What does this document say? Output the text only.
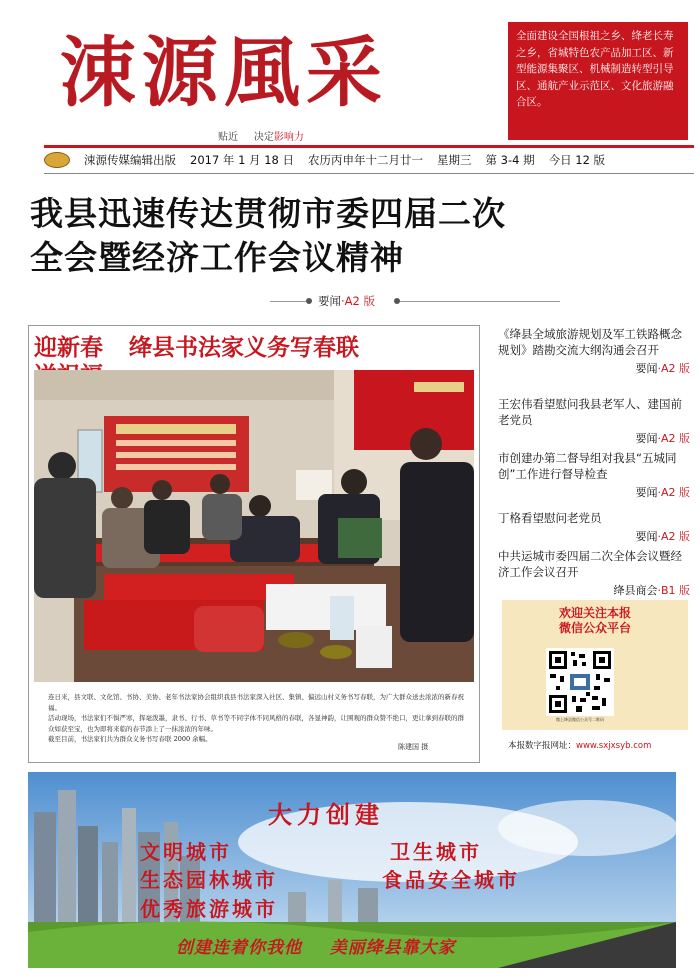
涑源風采
贴近 决定影响力
全面建设全国根祖之乡、绛老长寿之乡，省城特色农产品加工区、新型能源集聚区、机械制造转型引导区、通航产业示范区、文化旅游融合区。
涑源传媒编辑出版 2017 年 1 月 18 日 农历丙申年十二月廿一 星期三 第 3-4 期 今日 12 版
我县迅速传达贯彻市委四届二次
全会暨经济工作会议精神
要闻·A2 版
迎新春 绛县书法家义务写春联

连日来，县文联、文化馆、书协、美协、老年书法家协会组织我县书法家深入社区、集镇、偏远山村义务书写春联，为广大群众送去浓浓的新春祝福。
活动现场，书法家们不惧严寒，挥毫泼墨，隶书、行书、草书等不同字体不同风格的春联，各显神韵，让围观的群众赞不绝口，更让拿到春联的群众如获至宝，也为即将来临的春节添上了一抹浓浓的年味。
截至目前，书法家们共为群众义务书写春联 2000 余幅。
陈建国 摄
《绛县全域旅游规划及军工铁路概念规划》踏勘交流大纲沟通会召开
要闻·A2 版
王宏伟看望慰问我县老军人、建国前老党员
要闻·A2 版
市创建办第二督导组对我县“五城同创”工作进行督导检查
要闻·A2 版
丁格看望慰问老党员
要闻·A2 版
中共运城市委四届二次全体会议暨经济工作会议召开
绛县商会·B1 版
欢迎关注本报
微信公众平台
微上绛县微信公众号二维码
本报数字报网址：www.sxjxsyb.com
大力创建
文明城市	卫生城市
生态园林城市	食品安全城市
优秀旅游城市
创建连着你我他 美丽绛县靠大家
